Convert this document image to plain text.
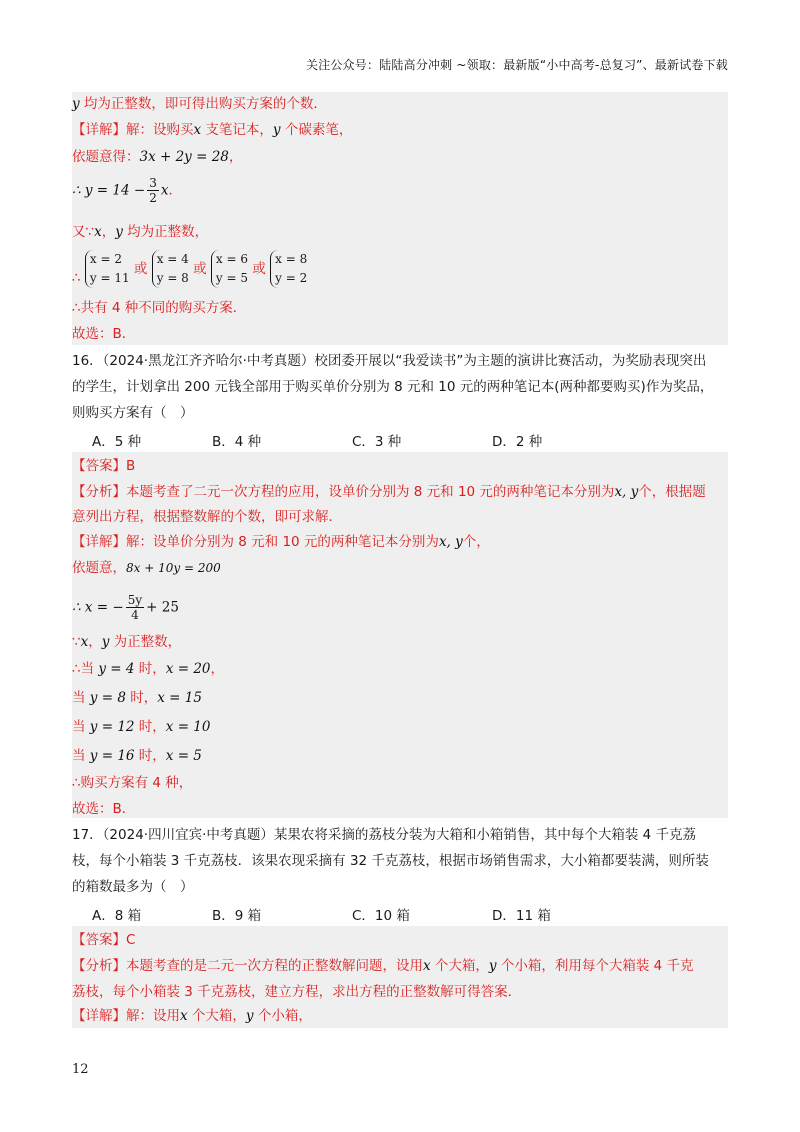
关注公众号：陆陆高分冲刺 ~领取：最新版“小中高考-总复习”、最新试卷下载
y 均为正整数，即可得出购买方案的个数．
【详解】解：设购买x 支笔记本，y 个碳素笔，
依题意得：3x + 2y = 28，
∴ $y = 14 - \frac{3}{2}$ x．
又∵x，y 均为正整数，
∴
x = 2
y = 11
或
x = 4
y = 8
或
x = 6
y = 5
或
x = 8
y = 2
∴共有 4 种不同的购买方案．
故选：B．
16．（2024·黑龙江齐齐哈尔·中考真题）校团委开展以“我爱读书”为主题的演讲比赛活动，为奖励表现突出
的学生，计划拿出 200 元钱全部用于购买单价分别为 8 元和 10 元的两种笔记本(两种都要购买)作为奖品，
则购买方案有（　）
A．5 种	B．4 种	C．3 种	D．2 种
【答案】B
【分析】本题考查了二元一次方程的应用，设单价分别为 8 元和 10 元的两种笔记本分别为x, y个，根据题
意列出方程，根据整数解的个数，即可求解．
【详解】解：设单价分别为 8 元和 10 元的两种笔记本分别为x, y个，
依题意，8x + 10y = 200
∴ x = − $\frac{5y}{4} + 25$
∵x，y 为正整数，
∴当 y = 4 时，x = 20，
当 y = 8 时，x = 15
当 y = 12 时，x = 10
当 y = 16 时，x = 5
∴购买方案有 4 种，
故选：B．
17．（2024·四川宜宾·中考真题）某果农将采摘的荔枝分装为大箱和小箱销售，其中每个大箱装 4 千克荔
枝，每个小箱装 3 千克荔枝．该果农现采摘有 32 千克荔枝，根据市场销售需求，大小箱都要装满，则所装
的箱数最多为（　）
A．8 箱	B．9 箱	C．10 箱	D．11 箱
【答案】C
【分析】本题考查的是二元一次方程的正整数解问题，设用x 个大箱，y 个小箱，利用每个大箱装 4 千克
荔枝，每个小箱装 3 千克荔枝，建立方程，求出方程的正整数解可得答案．
【详解】解：设用x 个大箱，y 个小箱，
12
